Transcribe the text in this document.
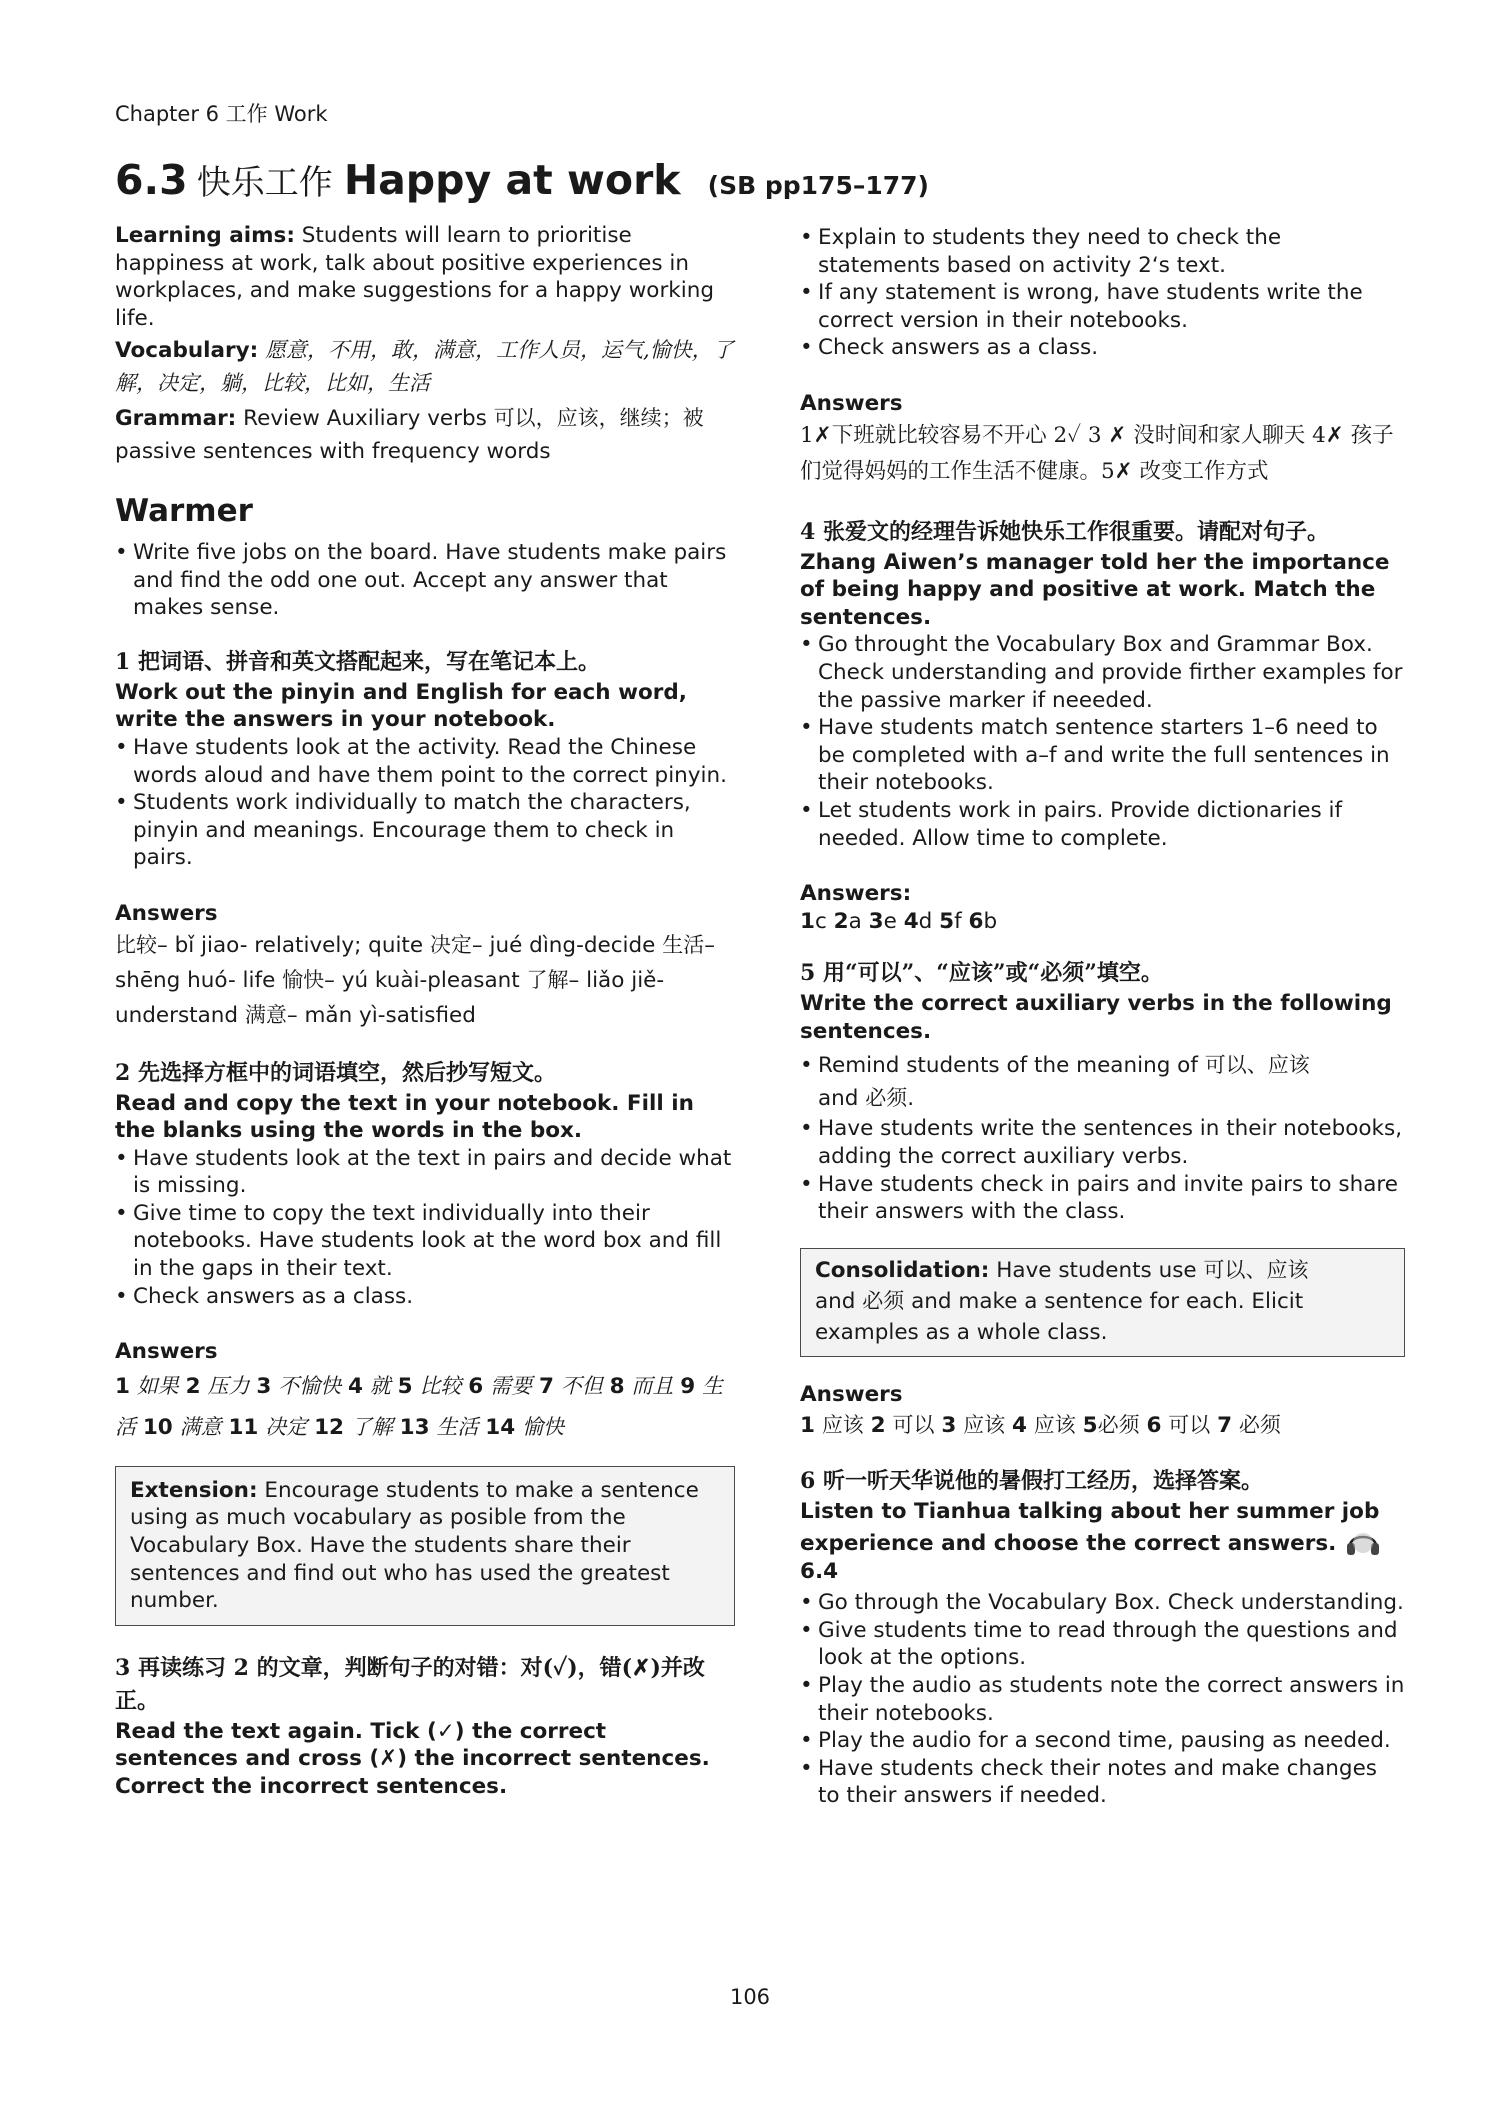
Chapter 6 工作 Work
6.3 快乐工作 Happy at work (SB pp175–177)

Learning aims: Students will learn to prioritise happiness at work, talk about positive experiences in workplaces, and make suggestions for a happy working life.

Vocabulary: 愿意，不用，敢，满意，工作人员，运气,愉快，了解，决定，躺，比较，比如，生活

Grammar: Review Auxiliary verbs 可以，应该，继续；被 passive sentences with frequency words

Warmer
• Write five jobs on the board. Have students make pairs and find the odd one out. Accept any answer that makes sense.

1 把词语、拼音和英文搭配起来，写在笔记本上。

Work out the pinyin and English for each word, write the answers in your notebook.

• Have students look at the activity. Read the Chinese words aloud and have them point to the correct pinyin.
• Students work individually to match the characters, pinyin and meanings. Encourage them to check in pairs.

Answers

比较– bǐ jiao- relatively; quite 决定– jué dìng-decide 生活– shēng huó- life 愉快– yú kuài-pleasant 了解– liǎo jiě- understand 满意– mǎn yì-satisfied

2 先选择方框中的词语填空，然后抄写短文。

Read and copy the text in your notebook. Fill in the blanks using the words in the box.

• Have students look at the text in pairs and decide what is missing.
• Give time to copy the text individually into their notebooks. Have students look at the word box and fill in the gaps in their text.
• Check answers as a class.

Answers

1 如果 2 压力 3 不愉快 4 就 5 比较 6 需要 7 不但 8 而且 9 生活 10 满意 11 决定 12 了解 13 生活 14 愉快

Extension: Encourage students to make a sentence using as much vocabulary as posible from the Vocabulary Box. Have the students share their sentences and find out who has used the greatest number.

3 再读练习 2 的文章，判断句子的对错：对(✓)，错(✗)并改正。

Read the text again. Tick (✓) the correct sentences and cross (✗) the incorrect sentences. Correct the incorrect sentences.

• Explain to students they need to check the statements based on activity 2‘s text.
• If any statement is wrong, have students write the correct version in their notebooks.
• Check answers as a class.

Answers

1✗下班就比较容易不开心 2✓ 3 ✗ 没时间和家人聊天 4✗ 孩子们觉得妈妈的工作生活不健康。5✗ 改变工作方式

4 张爱文的经理告诉她快乐工作很重要。请配对句子。

Zhang Aiwen’s manager told her the importance of being happy and positive at work. Match the sentences.

• Go throught the Vocabulary Box and Grammar Box. Check understanding and provide firther examples for the passive marker if neeeded.
• Have students match sentence starters 1–6 need to be completed with a–f and write the full sentences in their notebooks.
• Let students work in pairs. Provide dictionaries if needed. Allow time to complete.

Answers:

1c 2a 3e 4d 5f 6b

5 用“可以”、“应该”或“必须”填空。

Write the correct auxiliary verbs in the following sentences.

• Remind students of the meaning of 可以、应该
and 必须.
• Have students write the sentences in their notebooks, adding the correct auxiliary verbs.
• Have students check in pairs and invite pairs to share their answers with the class.
Consolidation: Have students use 可以、应该
and 必须 and make a sentence for each. Elicit examples as a whole class.

Answers

1 应该 2 可以 3 应该 4 应该 5必须 6 可以 7 必须

6 听一听天华说他的暑假打工经历，选择答案。

Listen to Tianhua talking about her summer job experience and choose the correct answers.6.4

• Go through the Vocabulary Box. Check understanding.
• Give students time to read through the questions and look at the options.
• Play the audio as students note the correct answers in their notebooks.
• Play the audio for a second time, pausing as needed.
• Have students check their notes and make changes to their answers if needed.
106
